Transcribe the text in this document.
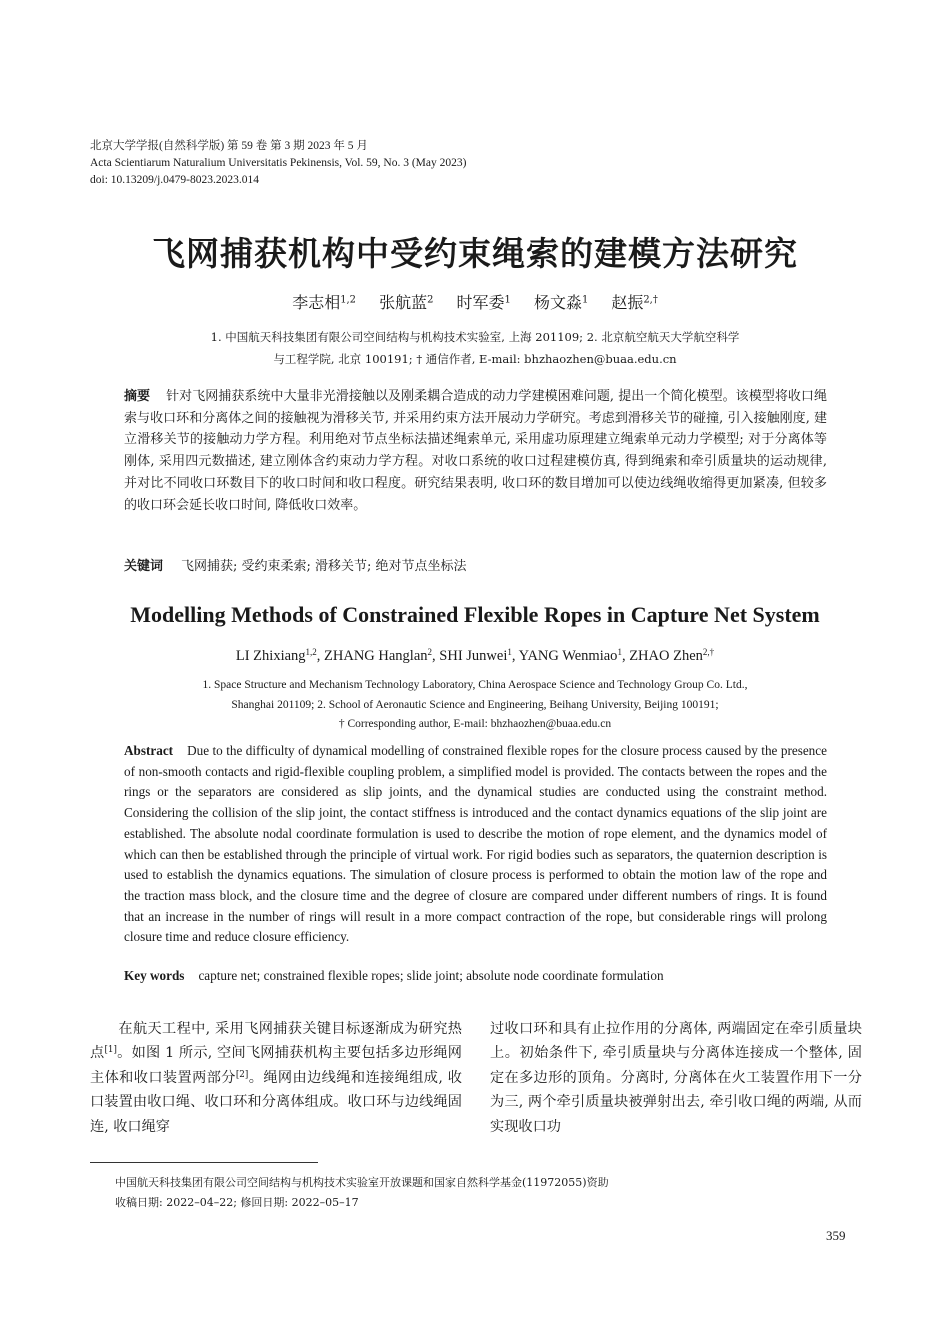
北京大学学报(自然科学版) 第 59 卷 第 3 期 2023 年 5 月
Acta Scientiarum Naturalium Universitatis Pekinensis, Vol. 59, No. 3 (May 2023)
doi: 10.13209/j.0479-8023.2023.014
飞网捕获机构中受约束绳索的建模方法研究
李志相$^{1,2}$ 张航蓝$^2$ 时军委$^1$ 杨文淼$^1$ 赵振$^{2,\dagger}$
1. 中国航天科技集团有限公司空间结构与机构技术实验室, 上海 201109; 2. 北京航空航天大学航空科学
与工程学院, 北京 100191; † 通信作者, E-mail: bhzhaozhen@buaa.edu.cn
摘要 针对飞网捕获系统中大量非光滑接触以及刚柔耦合造成的动力学建模困难问题, 提出一个简化模型。该模型将收口绳索与收口环和分离体之间的接触视为滑移关节, 并采用约束方法开展动力学研究。考虑到滑移关节的碰撞, 引入接触刚度, 建立滑移关节的接触动力学方程。利用绝对节点坐标法描述绳索单元, 采用虚功原理建立绳索单元动力学模型; 对于分离体等刚体, 采用四元数描述, 建立刚体含约束动力学方程。对收口系统的收口过程建模仿真, 得到绳索和牵引质量块的运动规律, 并对比不同收口环数目下的收口时间和收口程度。研究结果表明, 收口环的数目增加可以使边线绳收缩得更加紧凑, 但较多的收口环会延长收口时间, 降低收口效率。
关键词 飞网捕获; 受约束柔索; 滑移关节; 绝对节点坐标法
Modelling Methods of Constrained Flexible Ropes in Capture Net System
LI Zhixiang$^{1,2}$, ZHANG Hanglan$^2$, SHI Junwei$^1$, YANG Wenmiao$^1$, ZHAO Zhen$^{2,\dagger}$
1. Space Structure and Mechanism Technology Laboratory, China Aerospace Science and Technology Group Co. Ltd.,
Shanghai 201109; 2. School of Aeronautic Science and Engineering, Beihang University, Beijing 100191;
† Corresponding author, E-mail: bhzhaozhen@buaa.edu.cn
Abstract Due to the difficulty of dynamical modelling of constrained flexible ropes for the closure process caused by the presence of non-smooth contacts and rigid-flexible coupling problem, a simplified model is provided. The contacts between the ropes and the rings or the separators are considered as slip joints, and the dynamical studies are conducted using the constraint method. Considering the collision of the slip joint, the contact stiffness is introduced and the contact dynamics equations of the slip joint are established. The absolute nodal coordinate formulation is used to describe the motion of rope element, and the dynamics model of which can then be established through the principle of virtual work. For rigid bodies such as separators, the quaternion description is used to establish the dynamics equations. The simulation of closure process is performed to obtain the motion law of the rope and the traction mass block, and the closure time and the degree of closure are compared under different numbers of rings. It is found that an increase in the number of rings will result in a more compact contraction of the rope, but considerable rings will prolong closure time and reduce closure efficiency.
Key words capture net; constrained flexible ropes; slide joint; absolute node coordinate formulation
在航天工程中, 采用飞网捕获关键目标逐渐成为研究热点[1]。如图 1 所示, 空间飞网捕获机构主要包括多边形绳网主体和收口装置两部分[2]。绳网由边线绳和连接绳组成, 收口装置由收口绳、收口环和分离体组成。收口环与边线绳固连, 收口绳穿
过收口环和具有止拉作用的分离体, 两端固定在牵引质量块上。初始条件下, 牵引质量块与分离体连接成一个整体, 固定在多边形的顶角。分离时, 分离体在火工装置作用下一分为三, 两个牵引质量块被弹射出去, 牵引收口绳的两端, 从而实现收口功
中国航天科技集团有限公司空间结构与机构技术实验室开放课题和国家自然科学基金(11972055)资助
收稿日期: 2022–04–22; 修回日期: 2022–05–17
359
